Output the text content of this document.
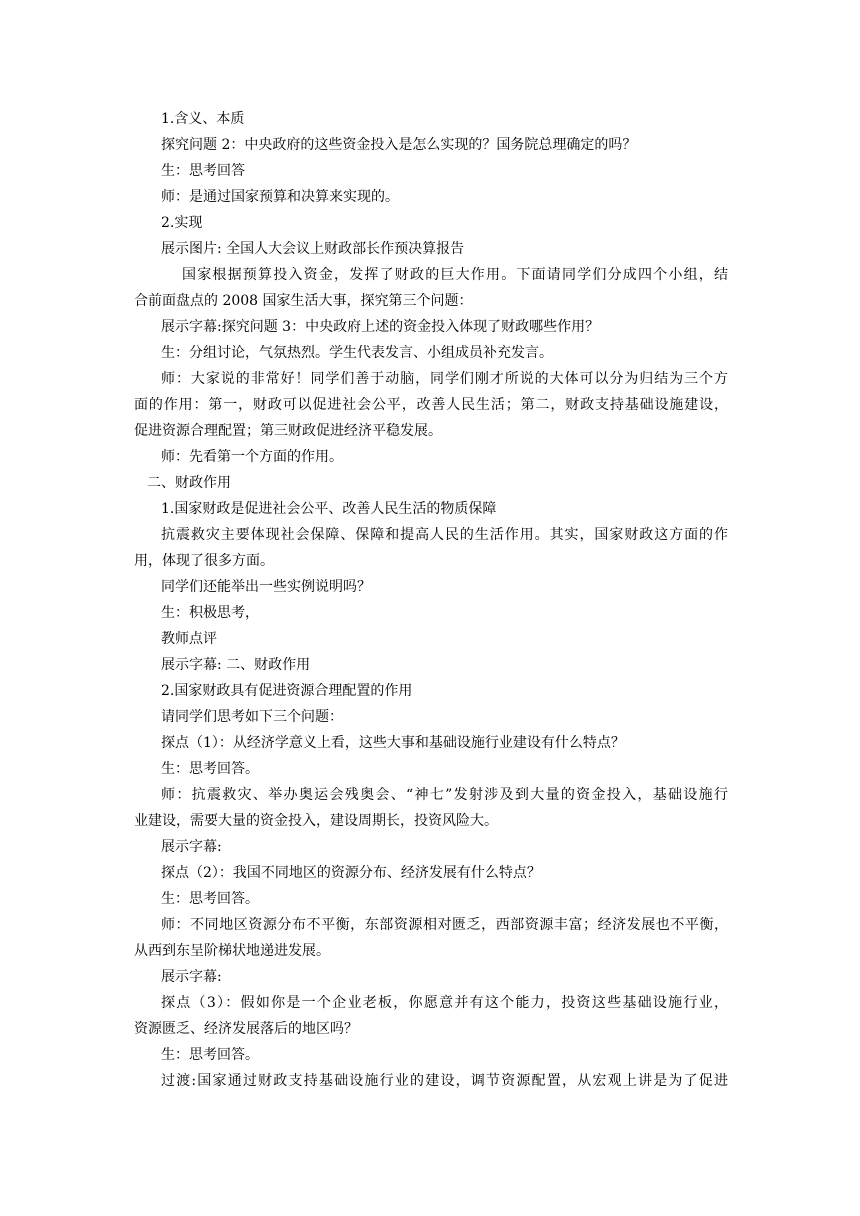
1.含义、本质
探究问题 2：中央政府的这些资金投入是怎么实现的？国务院总理确定的吗？
生：思考回答
师：是通过国家预算和决算来实现的。
2.实现
展示图片: 全国人大会议上财政部长作预决算报告
国家根据预算投入资金，发挥了财政的巨大作用。下面请同学们分成四个小组，结
合前面盘点的 2008 国家生活大事，探究第三个问题：
展示字幕:探究问题 3：中央政府上述的资金投入体现了财政哪些作用？
生：分组讨论，气氛热烈。学生代表发言、小组成员补充发言。
师：大家说的非常好！同学们善于动脑，同学们刚才所说的大体可以分为归结为三个方
面的作用：第一，财政可以促进社会公平，改善人民生活；第二，财政支持基础设施建设，
促进资源合理配置；第三财政促进经济平稳发展。
师：先看第一个方面的作用。
二、财政作用
1.国家财政是促进社会公平、改善人民生活的物质保障
抗震救灾主要体现社会保障、保障和提高人民的生活作用。其实，国家财政这方面的作
用，体现了很多方面。
同学们还能举出一些实例说明吗？
生：积极思考，
教师点评
展示字幕: 二、财政作用
2.国家财政具有促进资源合理配置的作用
请同学们思考如下三个问题：
探点（1）：从经济学意义上看，这些大事和基础设施行业建设有什么特点？
生：思考回答。
师：抗震救灾、举办奥运会残奥会、“神七”发射涉及到大量的资金投入，基础设施行
业建设，需要大量的资金投入，建设周期长，投资风险大。
展示字幕:
探点（2）：我国不同地区的资源分布、经济发展有什么特点？
生：思考回答。
师：不同地区资源分布不平衡，东部资源相对匮乏，西部资源丰富；经济发展也不平衡，
从西到东呈阶梯状地递进发展。
展示字幕:
探点（3）：假如你是一个企业老板，你愿意并有这个能力，投资这些基础设施行业，
资源匮乏、经济发展落后的地区吗？
生：思考回答。
过渡:国家通过财政支持基础设施行业的建设，调节资源配置，从宏观上讲是为了促进
